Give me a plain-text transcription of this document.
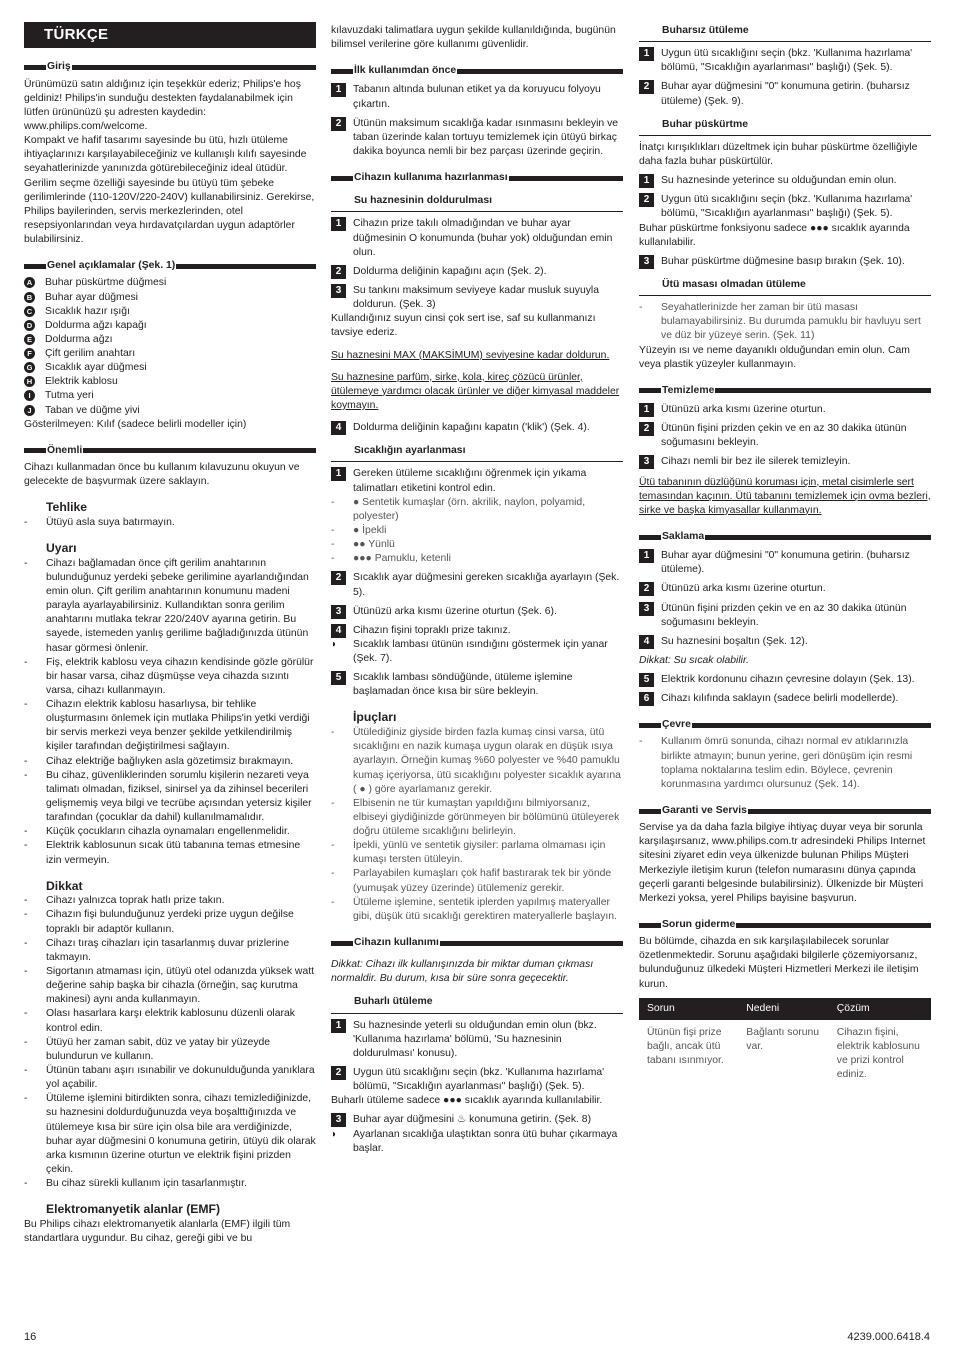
TÜRKÇE
Giriş

Ürünümüzü satın aldığınız için teşekkür ederiz; Philips'e hoş geldiniz! Philips'in sunduğu destekten faydalanabilmek için lütfen ürününüzü şu adresten kaydedin: www.philips.com/welcome.

Kompakt ve hafif tasarımı sayesinde bu ütü, hızlı ütüleme ihtiyaçlarınızı karşılayabileceğiniz ve kullanışlı kılıfı sayesinde seyahatlerinizde yanınızda götürebileceğiniz ideal ütüdür. Gerilim seçme özelliği sayesinde bu ütüyü tüm şebeke gerilimlerinde (110-120V/220-240V) kullanabilirsiniz. Gerekirse, Philips bayilerinden, servis merkezlerinden, otel resepsiyonlarından veya hırdavatçılardan uygun adaptörler bulabilirsiniz.

Genel açıklamalar (Şek. 1)
A Buhar püskürtme düğmesi
B Buhar ayar düğmesi
C Sıcaklık hazır ışığı
D Doldurma ağzı kapağı
E Doldurma ağzı
F	Çift gerilim anahtarı
G Sıcaklık ayar düğmesi
H Elektrik kablosu
I	Tutma yeri
J	Taban ve düğme yivi

Gösterilmeyen: Kılıf (sadece belirli modeller için)

Önemli

Cihazı kullanmadan önce bu kullanım kılavuzunu okuyun ve gelecekte de başvurmak üzere saklayın.

Tehlike
-	Ütüyü asla suya batırmayın.
Uyarı
-	Cihazı bağlamadan önce çift gerilim anahtarının bulunduğunuz yerdeki şebeke gerilimine ayarlandığından emin olun. Çift gerilim anahtarının konumunu madeni parayla ayarlayabilirsiniz. Kullandıktan sonra gerilim anahtarını mutlaka tekrar 220/240V ayarına getirin. Bu sayede, istemeden yanlış gerilime bağladığınızda ütünün hasar görmesi önlenir.
-	Fiş, elektrik kablosu veya cihazın kendisinde gözle görülür bir hasar varsa, cihaz düşmüşse veya cihazda sızıntı varsa, cihazı kullanmayın.
-	Cihazın elektrik kablosu hasarlıysa, bir tehlike oluşturmasını önlemek için mutlaka Philips'in yetki verdiği bir servis merkezi veya benzer şekilde yetkilendirilmiş kişiler tarafından değiştirilmesi sağlayın.
-	Cihaz elektriğe bağlıyken asla gözetimsiz bırakmayın.
-	Bu cihaz, güvenliklerinden sorumlu kişilerin nezareti veya talimatı olmadan, fiziksel, sinirsel ya da zihinsel becerileri gelişmemiş veya bilgi ve tecrübe açısından yetersiz kişiler tarafından (çocuklar da dahil) kullanılmamalıdır.
-	Küçük çocukların cihazla oynamaları engellenmelidir.
-	Elektrik kablosunun sıcak ütü tabanına temas etmesine izin vermeyin.
Dikkat
-	Cihazı yalnızca toprak hatlı prize takın.
-	Cihazın fişi bulunduğunuz yerdeki prize uygun değilse topraklı bir adaptör kullanın.
-	Cihazı tıraş cihazları için tasarlanmış duvar prizlerine takmayın.
-	Sigortanın atmaması için, ütüyü otel odanızda yüksek watt değerine sahip başka bir cihazla (örneğin, saç kurutma makinesi) aynı anda kullanmayın.
-	Olası hasarlara karşı elektrik kablosunu düzenli olarak kontrol edin.
-	Ütüyü her zaman sabit, düz ve yatay bir yüzeyde bulundurun ve kullanın.
-	Ütünün tabanı aşırı ısınabilir ve dokunulduğunda yanıklara yol açabilir.
-	Ütüleme işlemini bitirdikten sonra, cihazı temizlediğinizde, su haznesini doldurduğunuzda veya boşalttığınızda ve ütülemeye kısa bir süre için olsa bile ara verdiğinizde, buhar ayar düğmesini 0 konumuna getirin, ütüyü dik olarak arka kısmının üzerine oturtun ve elektrik fişini prizden çekin.
-	Bu cihaz sürekli kullanım için tasarlanmıştır.
Elektromanyetik alanlar (EMF)

Bu Philips cihazı elektromanyetik alanlarla (EMF) ilgili tüm standartlara uygundur. Bu cihaz, gereği gibi ve bu

kılavuzdaki talimatlara uygun şekilde kullanıldığında, bugünün bilimsel verilerine göre kullanımı güvenlidir.

İlk kullanımdan önce
1	Tabanın altında bulunan etiket ya da koruyucu folyoyu çıkartın.
2	Ütünün maksimum sıcaklığa kadar ısınmasını bekleyin ve taban üzerinde kalan tortuyu temizlemek için ütüyü birkaç dakika boyunca nemli bir bez parçası üzerinde geçirin.
Cihazın kullanıma hazırlanması
Su haznesinin doldurulması
1	Cihazın prize takılı olmadığından ve buhar ayar düğmesinin O konumunda (buhar yok) olduğundan emin olun.
2	Doldurma deliğinin kapağını açın (Şek. 2).
3	Su tankını maksimum seviyeye kadar musluk suyuyla doldurun. (Şek. 3)

Kullandığınız suyun cinsi çok sert ise, saf su kullanmanızı tavsiye ederiz.

Su haznesini MAX (MAKSİMUM) seviyesine kadar doldurun.

Su haznesine parfüm, sirke, kola, kireç çözücü ürünler, ütülemeye yardımcı olacak ürünler ve diğer kimyasal maddeler koymayın.

4	Doldurma deliğinin kapağını kapatın ('klik') (Şek. 4).
Sıcaklığın ayarlanması
1	Gereken ütüleme sıcaklığını öğrenmek için yıkama talimatları etiketini kontrol edin.
-	● Sentetik kumaşlar (örn. akrilik, naylon, polyamid, polyester)
-	● İpekli
-	●● Yünlü
-	●●● Pamuklu, ketenli
2	Sıcaklık ayar düğmesini gereken sıcaklığa ayarlayın (Şek. 5).
3	Ütünüzü arka kısmı üzerine oturtun (Şek. 6).
4	Cihazın fişini topraklı prize takınız.
◗	Sıcaklık lambası ütünün ısındığını göstermek için yanar (Şek. 7).
5	Sıcaklık lambası söndüğünde, ütüleme işlemine başlamadan önce kısa bir süre bekleyin.
İpuçları
-	Ütülediğiniz giyside birden fazla kumaş cinsi varsa, ütü sıcaklığını en nazik kumaşa uygun olarak en düşük ısıya ayarlayın. Örneğin kumaş %60 polyester ve %40 pamuklu kumaş içeriyorsa, ütü sıcaklığını polyester sıcaklık ayarına ( ● ) göre ayarlamanız gerekir.
-	Elbisenin ne tür kumaştan yapıldığını bilmiyorsanız, elbiseyi giydiğinizde görünmeyen bir bölümünü ütüleyerek doğru ütüleme sıcaklığını belirleyin.
-	İpekli, yünlü ve sentetik giysiler: parlama olmaması için kumaşı tersten ütüleyin.
-	Parlayabilen kumaşları çok hafif bastırarak tek bir yönde (yumuşak yüzey üzerinde) ütülemeniz gerekir.
-	Ütüleme işlemine, sentetik iplerden yapılmış materyaller gibi, düşük ütü sıcaklığı gerektiren materyallerle başlayın.
Cihazın kullanımı

Dikkat: Cihazı ilk kullanışınızda bir miktar duman çıkması normaldir. Bu durum, kısa bir süre sonra geçecektir.

Buharlı ütüleme
1	Su haznesinde yeterli su olduğundan emin olun (bkz. 'Kullanıma hazırlama' bölümü, 'Su haznesinin doldurulması' konusu).
2	Uygun ütü sıcaklığını seçin (bkz. 'Kullanıma hazırlama' bölümü, "Sıcaklığın ayarlanması" başlığı) (Şek. 5).

Buharlı ütüleme sadece ●●● sıcaklık ayarında kullanılabilir.

3	Buhar ayar düğmesini ♨ konumuna getirin. (Şek. 8)
◗	Ayarlanan sıcaklığa ulaştıktan sonra ütü buhar çıkarmaya başlar.
Buharsız ütüleme
1	Uygun ütü sıcaklığını seçin (bkz. 'Kullanıma hazırlama' bölümü, "Sıcaklığın ayarlanması" başlığı) (Şek. 5).
2	Buhar ayar düğmesini "0" konumuna getirin. (buharsız ütüleme) (Şek. 9).
Buhar püskürtme

İnatçı kırışıklıkları düzeltmek için buhar püskürtme özelliğiyle daha fazla buhar püskürtülür.

1	Su haznesinde yeterince su olduğundan emin olun.
2	Uygun ütü sıcaklığını seçin (bkz. 'Kullanıma hazırlama' bölümü, "Sıcaklığın ayarlanması" başlığı) (Şek. 5).

Buhar püskürtme fonksiyonu sadece ●●● sıcaklık ayarında kullanılabilir.

3	Buhar püskürtme düğmesine basıp bırakın (Şek. 10).
Ütü masası olmadan ütüleme
-	Seyahatlerinizde her zaman bir ütü masası bulamayabilirsiniz. Bu durumda pamuklu bir havluyu sert ve düz bir yüzeye serin. (Şek. 11)

Yüzeyin ısı ve neme dayanıklı olduğundan emin olun. Cam veya plastik yüzeyler kullanmayın.

Temizleme
1	Ütünüzü arka kısmı üzerine oturtun.
2	Ütünün fişini prizden çekin ve en az 30 dakika ütünün soğumasını bekleyin.
3	Cihazı nemli bir bez ile silerek temizleyin.

Ütü tabanının düzlüğünü koruması için, metal cisimlerle sert temasından kaçının. Ütü tabanını temizlemek için ovma bezleri, sirke ve başka kimyasallar kullanmayın.

Saklama
1	Buhar ayar düğmesini "0" konumuna getirin. (buharsız ütüleme).
2	Ütünüzü arka kısmı üzerine oturtun.
3	Ütünün fişini prizden çekin ve en az 30 dakika ütünün soğumasını bekleyin.
4	Su haznesini boşaltın (Şek. 12).

Dikkat: Su sıcak olabilir.

5	Elektrik kordonunu cihazın çevresine dolayın (Şek. 13).
6	Cihazı kılıfında saklayın (sadece belirli modellerde).
Çevre
-	Kullanım ömrü sonunda, cihazı normal ev atıklarınızla birlikte atmayın; bunun yerine, geri dönüşüm için resmi toplama noktalarına teslim edin. Böylece, çevrenin korunmasına yardımcı olursunuz (Şek. 14).
Garanti ve Servis

Servise ya da daha fazla bilgiye ihtiyaç duyar veya bir sorunla karşılaşırsanız, www.philips.com.tr adresindeki Philips Internet sitesini ziyaret edin veya ülkenizde bulunan Philips Müşteri Merkeziyle iletişim kurun (telefon numarasını dünya çapında geçerli garanti belgesinde bulabilirsiniz). Ülkenizde bir Müşteri Merkezi yoksa, yerel Philips bayisine başvurun.

Sorun giderme

Bu bölümde, cihazda en sık karşılaşılabilecek sorunlar özetlenmektedir. Sorunu aşağıdaki bilgilerle çözemiyorsanız, bulunduğunuz ülkedeki Müşteri Hizmetleri Merkezi ile iletişim kurun.

Sorun	Nedeni	Çözüm
Ütünün fişi prize bağlı, ancak ütü tabanı ısınmıyor.	Bağlantı sorunu var.	Cihazın fişini, elektrik kablosunu ve prizi kontrol ediniz.
16	4239.000.6418.4
